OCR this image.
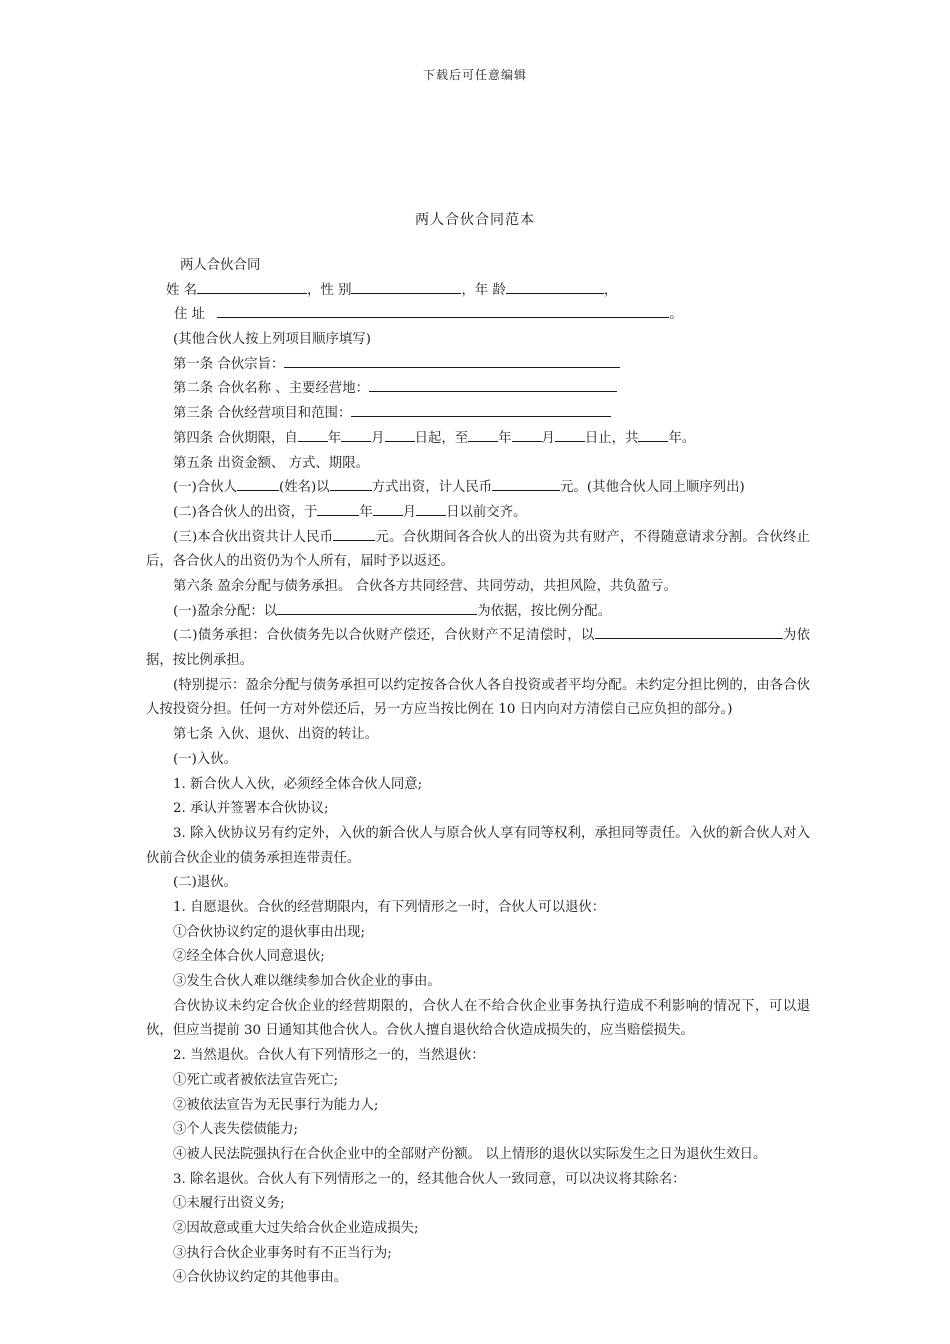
下载后可任意编辑
两人合伙合同范本
两人合伙合同
姓 名	，性 别	，年 龄	，
住 址	。
(其他合伙人按上列项目顺序填写)
第一条 合伙宗旨：
第二条 合伙名称 、主要经营地：
第三条 合伙经营项目和范围：
第四条 合伙期限，自 年 月 日起，至 年 月 日止，共 年。
第五条 出资金额、 方式、期限。
(一)合伙人	(姓名)以	方式出资，计人民币	元。(其他合伙人同上顺序列出)
(二)各合伙人的出资，于	年 月 日以前交齐。
(三)本合伙出资共计人民币	元。合伙期间各合伙人的出资为共有财产，不得随意请求分割。合伙终止后，各合伙人的出资仍为个人所有，届时予以返还。
第六条 盈余分配与债务承担。 合伙各方共同经营、共同劳动，共担风险，共负盈亏。
(一)盈余分配：以	为依据，按比例分配。
(二)债务承担：合伙债务先以合伙财产偿还，合伙财产不足清偿时，以	为依据，按比例承担。
(特别提示：盈余分配与债务承担可以约定按各合伙人各自投资或者平均分配。未约定分担比例的，由各合伙人按投资分担。任何一方对外偿还后，另一方应当按比例在 10 日内向对方清偿自己应负担的部分。)
第七条 入伙、退伙、出资的转让。
(一)入伙。
1. 新合伙人入伙，必须经全体合伙人同意;
2. 承认并签署本合伙协议;
3. 除入伙协议另有约定外，入伙的新合伙人与原合伙人享有同等权利，承担同等责任。入伙的新合伙人对入伙前合伙企业的债务承担连带责任。
(二)退伙。
1. 自愿退伙。合伙的经营期限内，有下列情形之一时，合伙人可以退伙：
①合伙协议约定的退伙事由出现;
②经全体合伙人同意退伙;
③发生合伙人难以继续参加合伙企业的事由。
合伙协议未约定合伙企业的经营期限的，合伙人在不给合伙企业事务执行造成不利影响的情况下，可以退伙，但应当提前 30 日通知其他合伙人。合伙人擅自退伙给合伙造成损失的，应当赔偿损失。
2. 当然退伙。合伙人有下列情形之一的，当然退伙：
①死亡或者被依法宣告死亡;
②被依法宣告为无民事行为能力人;
③个人丧失偿债能力;
④被人民法院强执行在合伙企业中的全部财产份额。 以上情形的退伙以实际发生之日为退伙生效日。
3. 除名退伙。合伙人有下列情形之一的，经其他合伙人一致同意，可以决议将其除名：
①未履行出资义务;
②因故意或重大过失给合伙企业造成损失;
③执行合伙企业事务时有不正当行为;
④合伙协议约定的其他事由。
